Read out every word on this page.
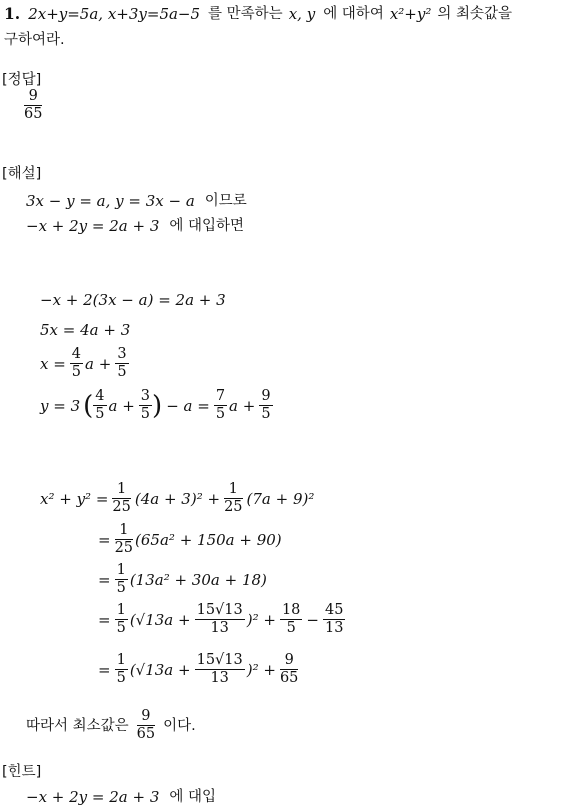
1. 2x+y=5a, x+3y=5a−5 를 만족하는 x, y 에 대하여 x²+y² 의 최솟값을
구하여라.
[정답]
$\frac{9}{65}$
[해설]
3x − y = a, y = 3x − a 이므로
−x + 2y = 2a + 3 에 대입하면
−x + 2(3x − a) = 2a + 3
5x = 4a + 3
$x = \frac{4}{5}$ $a + \frac{3}{5}$
y = 3 ( $\frac{4}{5}$ $a + \frac{3}{5}$ ) − $a = \frac{7}{5}$ $a + \frac{9}{5}$
$x^2 + y^2 = \frac{1}{25} (4a + 3)^2 + \frac{1}{25} (7a + 9)^2$
= $\frac{1}{25} (65a^2 + 150a + 90)$
= $\frac{1}{5} (13a^2 + 30a + 18)$
= $\frac{1}{5} (√13a + \frac{15√13}{13} )^2 + \frac{18}{5} - \frac{45}{13}$
= $\frac{1}{5} (√13a + \frac{15√13}{13} )^2 + \frac{9}{65}$
따라서 최소값은 $\frac{9}{65}$ 이다.
[힌트]
−x + 2y = 2a + 3 에 대입
